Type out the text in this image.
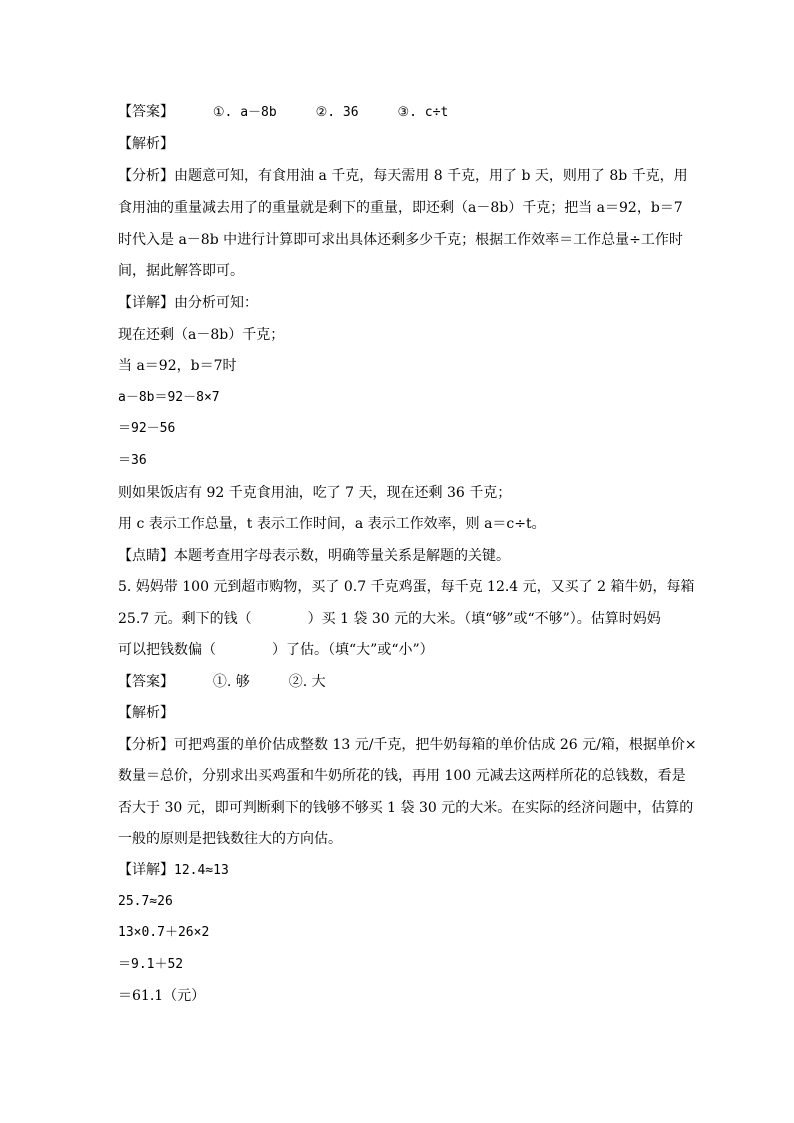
【答案】	①. a－8b	②. 36	③. c÷t
【解析】
【分析】由题意可知，有食用油 a 千克，每天需用 8 千克，用了 b 天，则用了 8b 千克，用
食用油的重量减去用了的重量就是剩下的重量，即还剩（a－8b）千克；把当 a＝92，b＝7
时代入是 a－8b 中进行计算即可求出具体还剩多少千克；根据工作效率＝工作总量÷工作时
间，据此解答即可。
【详解】由分析可知：
现在还剩（a－8b）千克；
当 a＝92，b＝7时
a－8b＝92－8×7
＝92－56
＝36
则如果饭店有 92 千克食用油，吃了 7 天，现在还剩 36 千克；
用 c 表示工作总量，t 表示工作时间，a 表示工作效率，则 a＝c÷t。
【点睛】本题考查用字母表示数，明确等量关系是解题的关键。
5. 妈妈带 100 元到超市购物，买了 0.7 千克鸡蛋，每千克 12.4 元，又买了 2 箱牛奶，每箱
25.7 元。剩下的钱（　　　　）买 1 袋 30 元的大米。（填“够”或“不够”）。估算时妈妈
可以把钱数偏（　　　　）了估。（填“大”或“小”）
【答案】	①. 够	②. 大
【解析】
【分析】可把鸡蛋的单价估成整数 13 元/千克，把牛奶每箱的单价估成 26 元/箱，根据单价×
数量＝总价，分别求出买鸡蛋和牛奶所花的钱，再用 100 元减去这两样所花的总钱数，看是
否大于 30 元，即可判断剩下的钱够不够买 1 袋 30 元的大米。在实际的经济问题中，估算的
一般的原则是把钱数往大的方向估。
【详解】12.4≈13
25.7≈26
13×0.7＋26×2
＝9.1＋52
＝61.1（元）
